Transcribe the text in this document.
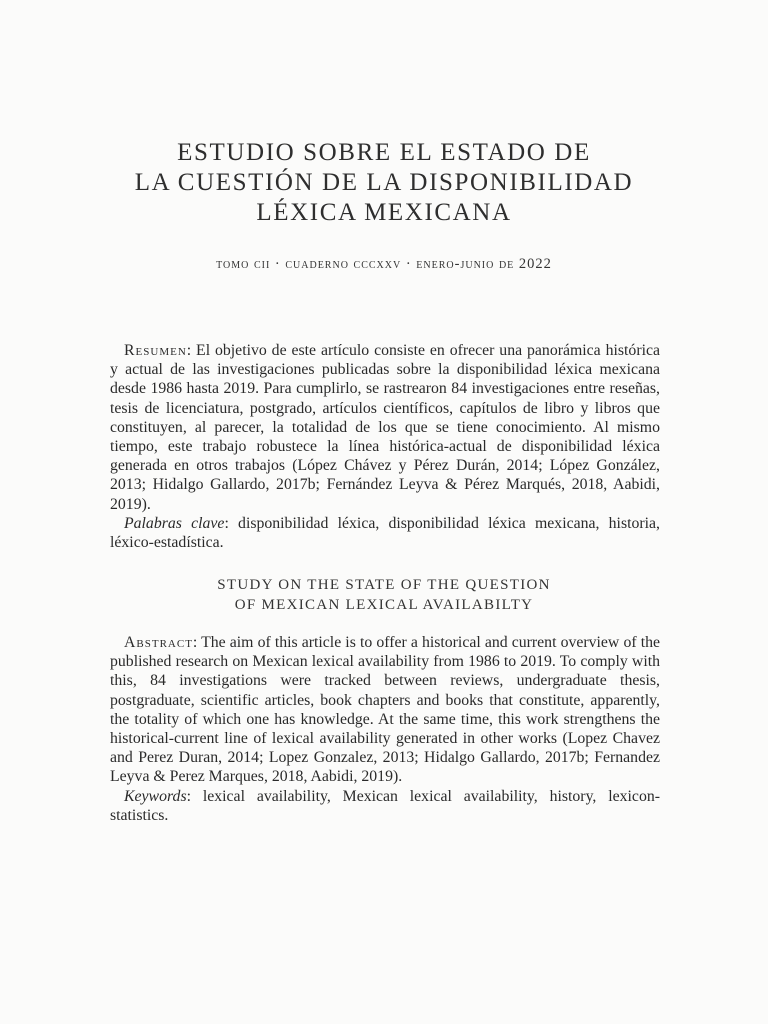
ESTUDIO SOBRE EL ESTADO DE
LA CUESTIÓN DE LA DISPONIBILIDAD
LÉXICA MEXICANA
tomo cii · cuaderno cccxxv · enero-junio de 2022

Resumen: El objetivo de este artículo consiste en ofrecer una panorámica histórica y actual de las investigaciones publicadas sobre la disponibilidad léxica mexicana desde 1986 hasta 2019. Para cumplirlo, se rastrearon 84 investigaciones entre reseñas, tesis de licenciatura, postgrado, artículos científicos, capítulos de libro y libros que constituyen, al parecer, la totalidad de los que se tiene conocimiento. Al mismo tiempo, este trabajo robustece la línea histórica-actual de disponibilidad léxica generada en otros trabajos (López Chávez y Pérez Durán, 2014; López González, 2013; Hidalgo Gallardo, 2017b; Fernández Leyva & Pérez Marqués, 2018, Aabidi, 2019).

Palabras clave: disponibilidad léxica, disponibilidad léxica mexicana, historia, léxico-estadística.

STUDY ON THE STATE OF THE QUESTION
OF MEXICAN LEXICAL AVAILABILTY

Abstract: The aim of this article is to offer a historical and current overview of the published research on Mexican lexical availability from 1986 to 2019. To comply with this, 84 investigations were tracked between reviews, undergraduate thesis, postgraduate, scientific articles, book chapters and books that constitute, apparently, the totality of which one has knowledge. At the same time, this work strengthens the historical-current line of lexical availability generated in other works (Lopez Chavez and Perez Duran, 2014; Lopez Gonzalez, 2013; Hidalgo Gallardo, 2017b; Fernandez Leyva & Perez Marques, 2018, Aabidi, 2019).

Keywords: lexical availability, Mexican lexical availability, history, lexicon-statistics.
